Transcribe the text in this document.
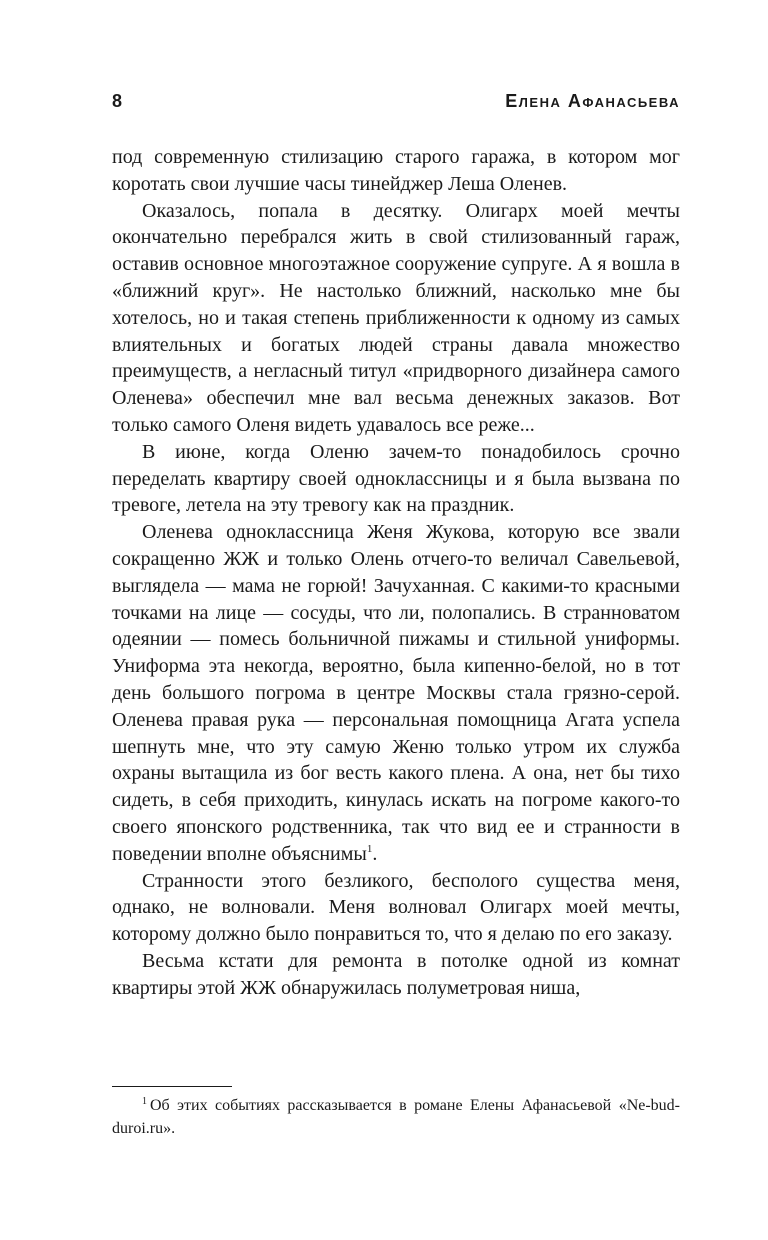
8	Елена Афанасьева

под современную стилизацию старого гаража, в котором мог коротать свои лучшие часы тинейджер Леша Оленев.

Оказалось, попала в десятку. Олигарх моей мечты окончательно перебрался жить в свой стилизованный гараж, оставив основное многоэтажное сооружение супруге. А я вошла в «ближний круг». Не настолько ближний, насколько мне бы хотелось, но и такая степень приближенности к одному из самых влиятельных и богатых людей страны давала множество преимуществ, а негласный титул «придворного дизайнера самого Оленева» обеспечил мне вал весьма денежных заказов. Вот только самого Оленя видеть удавалось все реже...

В июне, когда Оленю зачем-то понадобилось срочно переделать квартиру своей одноклассницы и я была вызвана по тревоге, летела на эту тревогу как на праздник.

Оленева одноклассница Женя Жукова, которую все звали сокращенно ЖЖ и только Олень отчего-то величал Савельевой, выглядела — мама не горюй! Зачуханная. С какими-то красными точками на лице — сосуды, что ли, полопались. В странноватом одеянии — помесь больничной пижамы и стильной униформы. Униформа эта некогда, вероятно, была кипенно-белой, но в тот день большого погрома в центре Москвы стала грязно-серой. Оленева правая рука — персональная помощница Агата успела шепнуть мне, что эту самую Женю только утром их служба охраны вытащила из бог весть какого плена. А она, нет бы тихо сидеть, в себя приходить, кинулась искать на погроме какого-то своего японского родственника, так что вид ее и странности в поведении вполне объяснимы$^1$.

Странности этого безликого, бесполого существа меня, однако, не волновали. Меня волновал Олигарх моей мечты, которому должно было понравиться то, что я делаю по его заказу.

Весьма кстати для ремонта в потолке одной из комнат квартиры этой ЖЖ обнаружилась полуметровая ниша,

$^1$ Об этих событиях рассказывается в романе Елены Афанасьевой «Ne-bud-duroi.ru».
